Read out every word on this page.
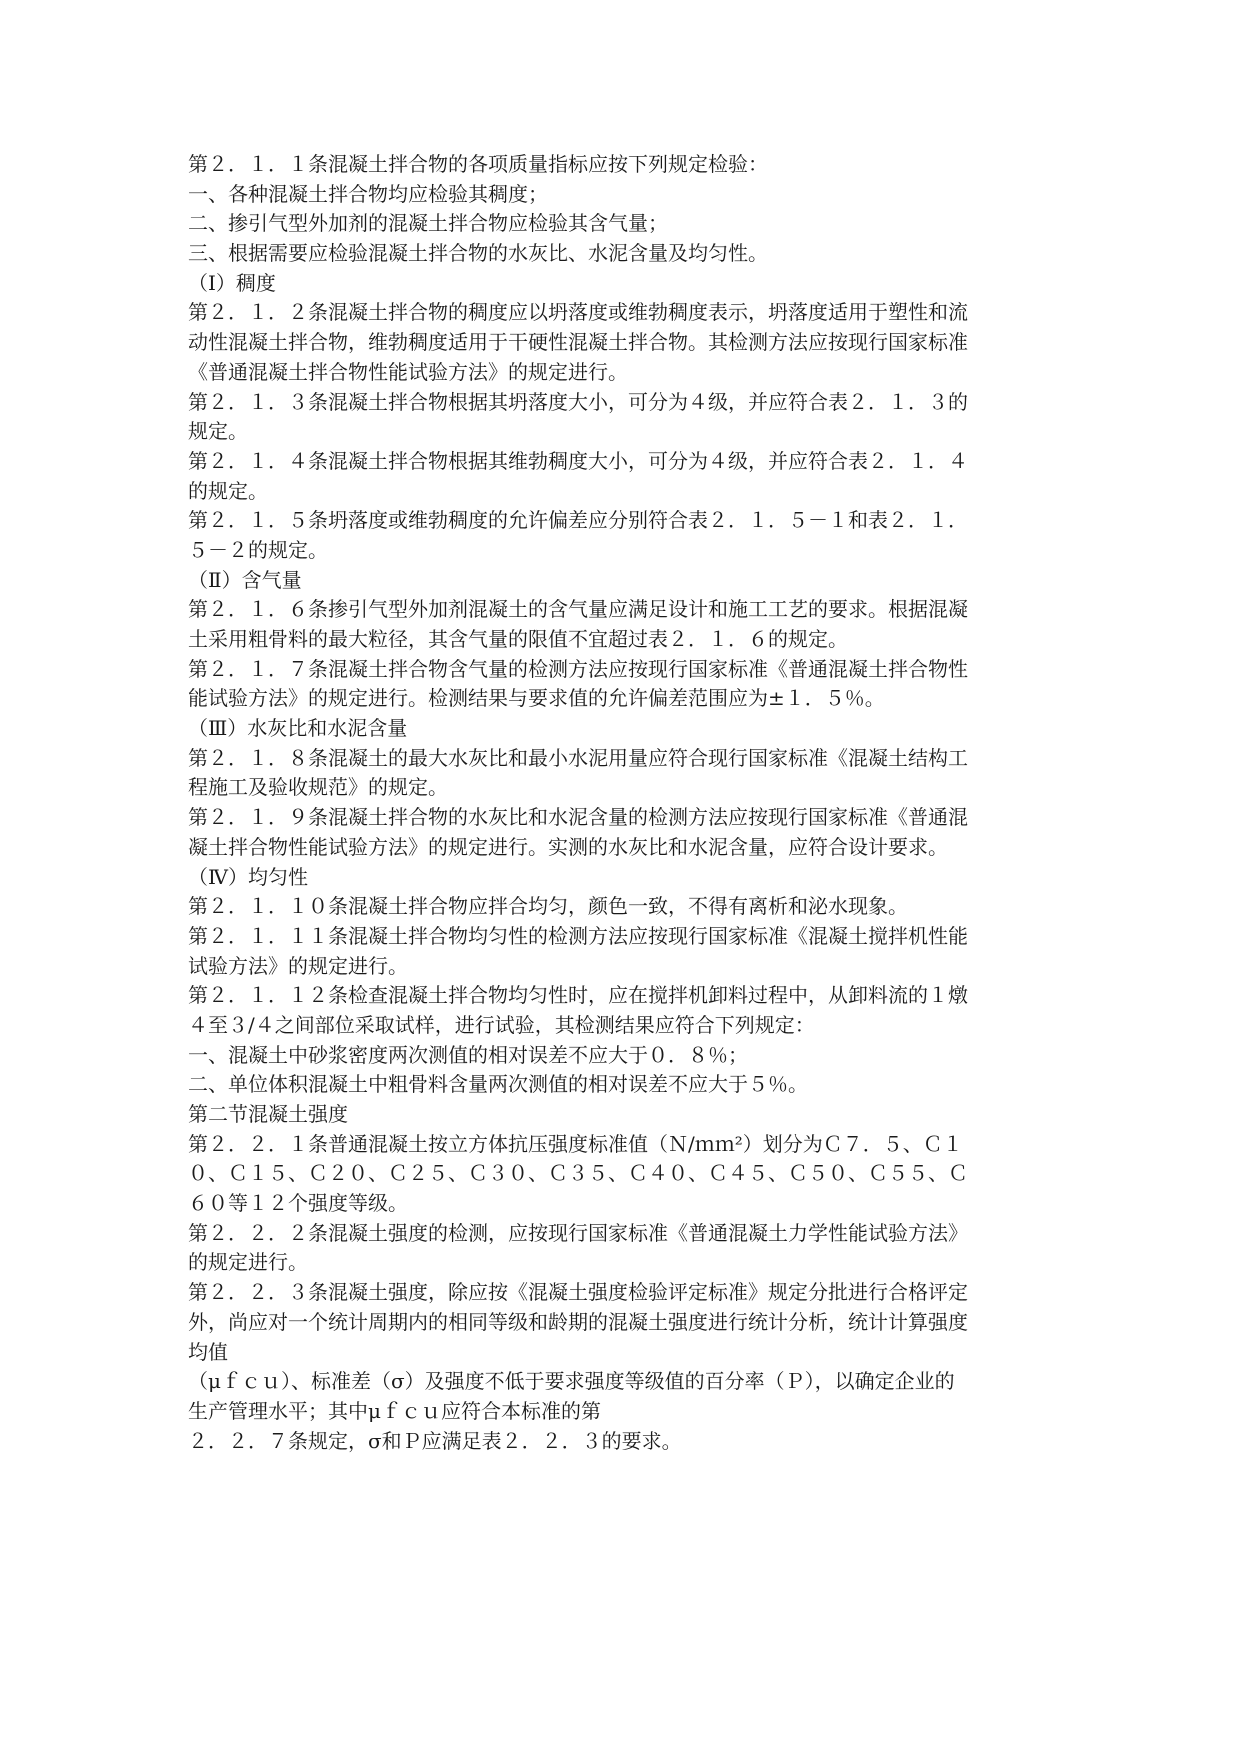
第２．１．１条混凝土拌合物的各项质量指标应按下列规定检验：

一、各种混凝土拌合物均应检验其稠度；

二、掺引气型外加剂的混凝土拌合物应检验其含气量；

三、根据需要应检验混凝土拌合物的水灰比、水泥含量及均匀性。

（Ⅰ）稠度

第２．１．２条混凝土拌合物的稠度应以坍落度或维勃稠度表示，坍落度适用于塑性和流

动性混凝土拌合物，维勃稠度适用于干硬性混凝土拌合物。其检测方法应按现行国家标准

《普通混凝土拌合物性能试验方法》的规定进行。

第２．１．３条混凝土拌合物根据其坍落度大小，可分为４级，并应符合表２．１．３的

规定。

第２．１．４条混凝土拌合物根据其维勃稠度大小，可分为４级，并应符合表２．１．４

的规定。

第２．１．５条坍落度或维勃稠度的允许偏差应分别符合表２．１．５－１和表２．１．

５－２的规定。

（Ⅱ）含气量

第２．１．６条掺引气型外加剂混凝土的含气量应满足设计和施工工艺的要求。根据混凝

土采用粗骨料的最大粒径，其含气量的限值不宜超过表２．１．６的规定。

第２．１．７条混凝土拌合物含气量的检测方法应按现行国家标准《普通混凝土拌合物性

能试验方法》的规定进行。检测结果与要求值的允许偏差范围应为±１．５％。

（Ⅲ）水灰比和水泥含量

第２．１．８条混凝土的最大水灰比和最小水泥用量应符合现行国家标准《混凝土结构工

程施工及验收规范》的规定。

第２．１．９条混凝土拌合物的水灰比和水泥含量的检测方法应按现行国家标准《普通混

凝土拌合物性能试验方法》的规定进行。实测的水灰比和水泥含量，应符合设计要求。

（Ⅳ）均匀性

第２．１．１０条混凝土拌合物应拌合均匀，颜色一致，不得有离析和泌水现象。

第２．１．１１条混凝土拌合物均匀性的检测方法应按现行国家标准《混凝土搅拌机性能

试验方法》的规定进行。

第２．１．１２条检查混凝土拌合物均匀性时，应在搅拌机卸料过程中，从卸料流的１燉

４至３/４之间部位采取试样，进行试验，其检测结果应符合下列规定：

一、混凝土中砂浆密度两次测值的相对误差不应大于０．８％；

二、单位体积混凝土中粗骨料含量两次测值的相对误差不应大于５％。

第二节混凝土强度

第２．２．１条普通混凝土按立方体抗压强度标准值（Ｎ/ｍｍ²）划分为Ｃ７．５、Ｃ１

０、Ｃ１５、Ｃ２０、Ｃ２５、Ｃ３０、Ｃ３５、Ｃ４０、Ｃ４５、Ｃ５０、Ｃ５５、Ｃ

６０等１２个强度等级。

第２．２．２条混凝土强度的检测，应按现行国家标准《普通混凝土力学性能试验方法》

的规定进行。

第２．２．３条混凝土强度，除应按《混凝土强度检验评定标准》规定分批进行合格评定

外，尚应对一个统计周期内的相同等级和龄期的混凝土强度进行统计分析，统计计算强度

均值

（μｆｃｕ）、标准差（σ）及强度不低于要求强度等级值的百分率（Ｐ），以确定企业的

生产管理水平；其中μｆｃｕ应符合本标准的第

２．２．７条规定，σ和Ｐ应满足表２．２．３的要求。
